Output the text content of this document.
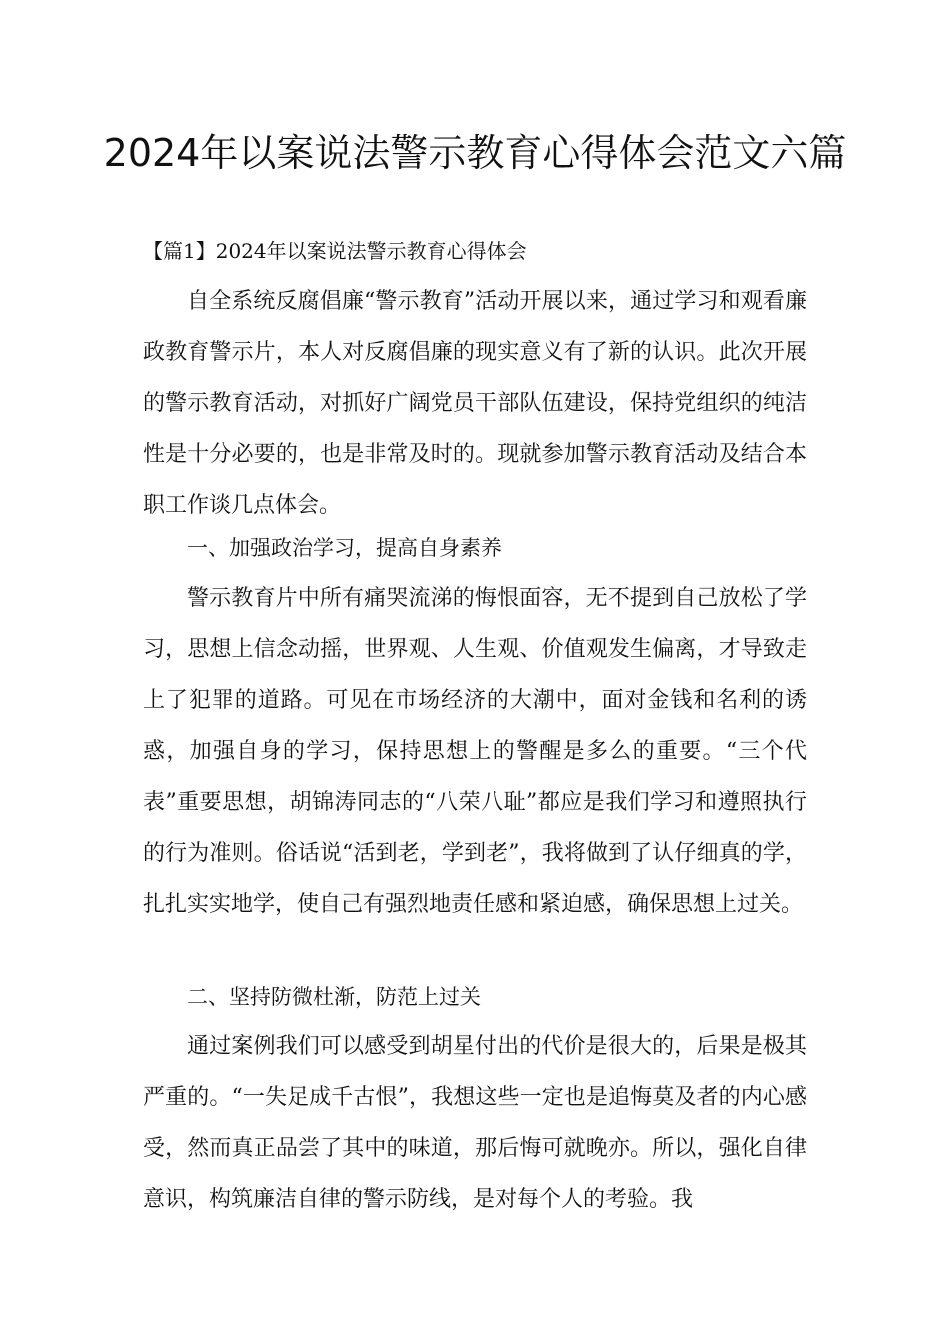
2024年以案说法警示教育心得体会范文六篇
【篇1】2024年以案说法警示教育心得体会

自全系统反腐倡廉“警示教育”活动开展以来，通过学习和观看廉政教育警示片，本人对反腐倡廉的现实意义有了新的认识。此次开展的警示教育活动，对抓好广阔党员干部队伍建设，保持党组织的纯洁性是十分必要的，也是非常及时的。现就参加警示教育活动及结合本职工作谈几点体会。

一、加强政治学习，提高自身素养

警示教育片中所有痛哭流涕的悔恨面容，无不提到自己放松了学习，思想上信念动摇，世界观、人生观、价值观发生偏离，才导致走上了犯罪的道路。可见在市场经济的大潮中，面对金钱和名利的诱惑，加强自身的学习，保持思想上的警醒是多么的重要。“三个代表”重要思想，胡锦涛同志的“八荣八耻”都应是我们学习和遵照执行的行为准则。俗话说“活到老，学到老”，我将做到了认仔细真的学，扎扎实实地学，使自己有强烈地责任感和紧迫感，确保思想上过关。

二、坚持防微杜渐，防范上过关

通过案例我们可以感受到胡星付出的代价是很大的，后果是极其严重的。“一失足成千古恨”，我想这些一定也是追悔莫及者的内心感受，然而真正品尝了其中的味道，那后悔可就晚亦。所以，强化自律意识，构筑廉洁自律的警示防线，是对每个人的考验。我
